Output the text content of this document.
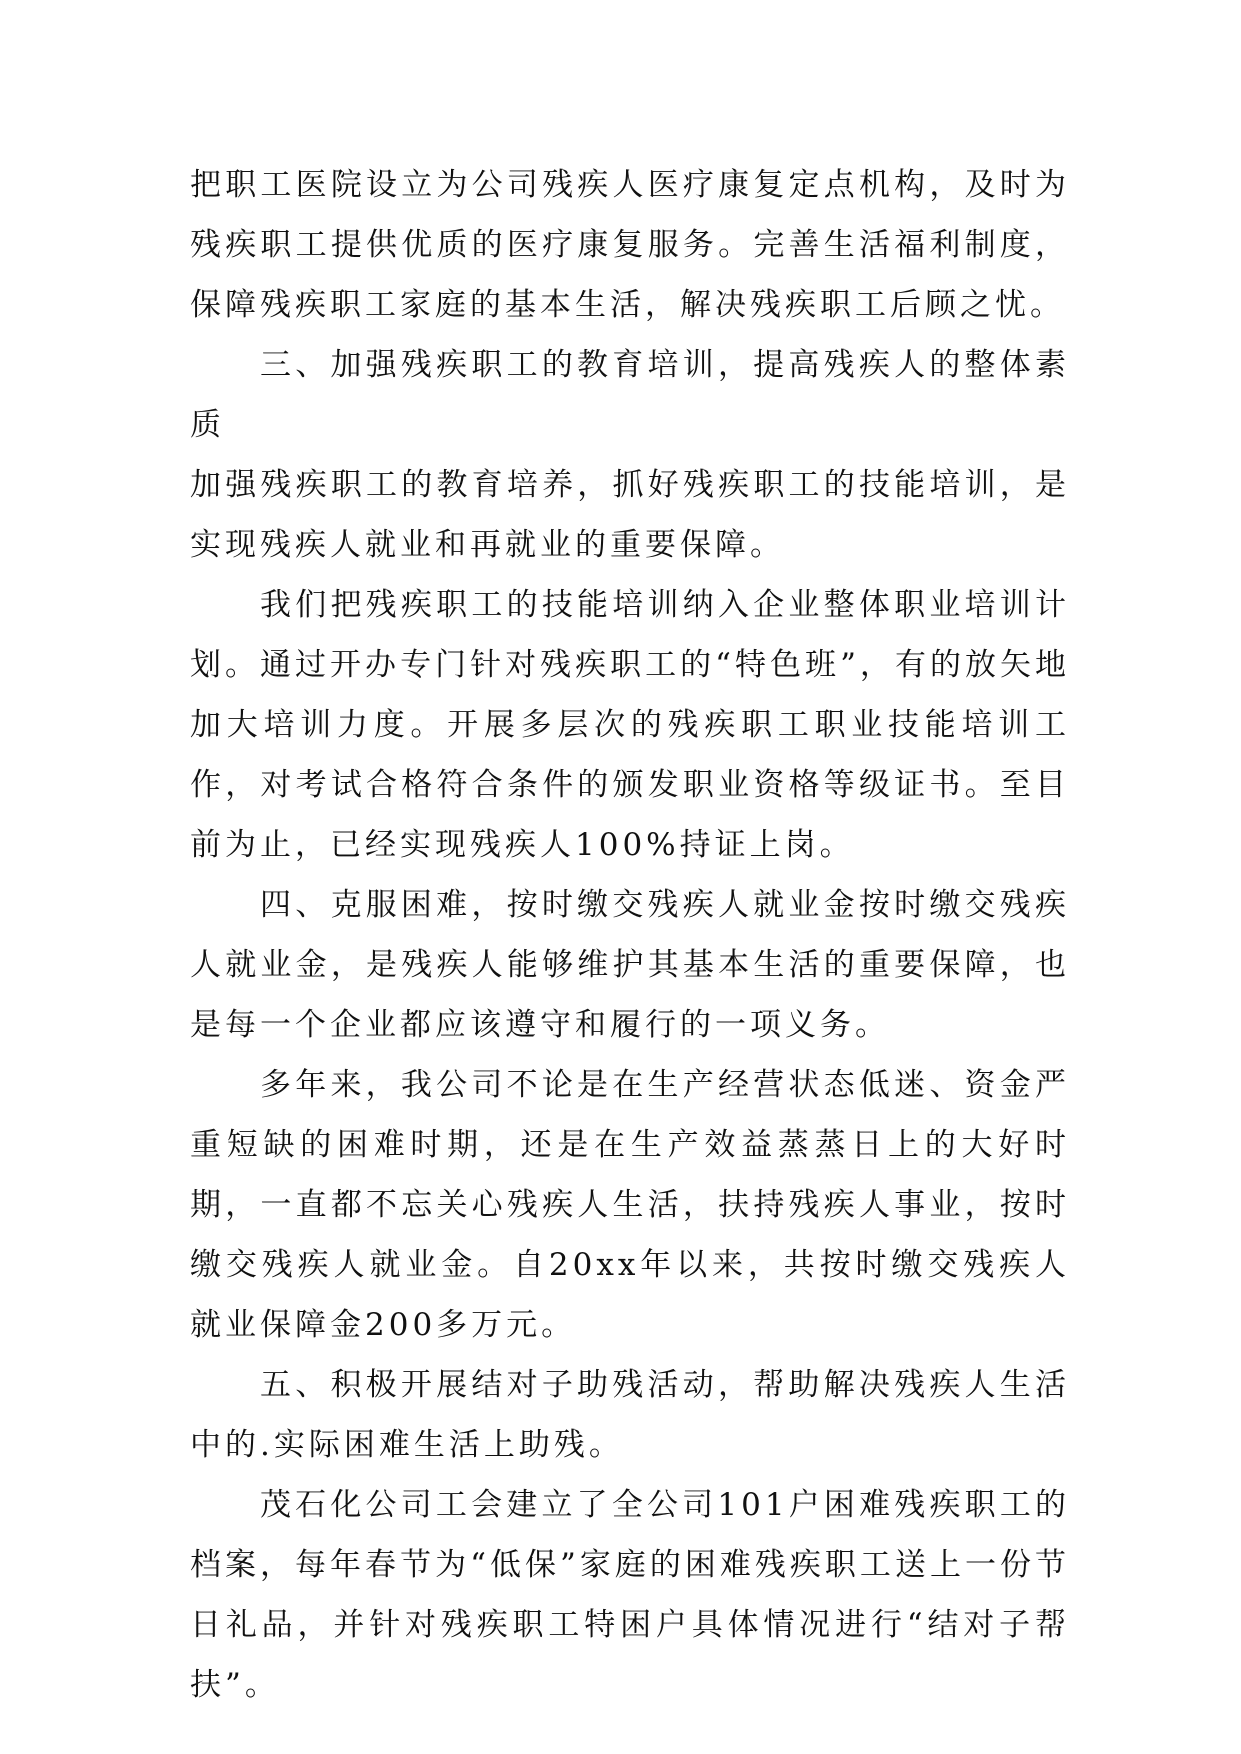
把职工医院设立为公司残疾人医疗康复定点机构，及时为残疾职工提供优质的医疗康复服务。完善生活福利制度，保障残疾职工家庭的基本生活，解决残疾职工后顾之忧。

三、加强残疾职工的教育培训，提高残疾人的整体素质

加强残疾职工的教育培养，抓好残疾职工的技能培训，是实现残疾人就业和再就业的重要保障。

我们把残疾职工的技能培训纳入企业整体职业培训计划。通过开办专门针对残疾职工的“特色班”，有的放矢地加大培训力度。开展多层次的残疾职工职业技能培训工作，对考试合格符合条件的颁发职业资格等级证书。至目前为止，已经实现残疾人100%持证上岗。

四、克服困难，按时缴交残疾人就业金按时缴交残疾人就业金，是残疾人能够维护其基本生活的重要保障，也是每一个企业都应该遵守和履行的一项义务。

多年来，我公司不论是在生产经营状态低迷、资金严重短缺的困难时期，还是在生产效益蒸蒸日上的大好时期，一直都不忘关心残疾人生活，扶持残疾人事业，按时缴交残疾人就业金。自20xx年以来，共按时缴交残疾人就业保障金200多万元。

五、积极开展结对子助残活动，帮助解决残疾人生活中的.实际困难生活上助残。

茂石化公司工会建立了全公司101户困难残疾职工的档案，每年春节为“低保”家庭的困难残疾职工送上一份节日礼品，并针对残疾职工特困户具体情况进行“结对子帮扶”。
